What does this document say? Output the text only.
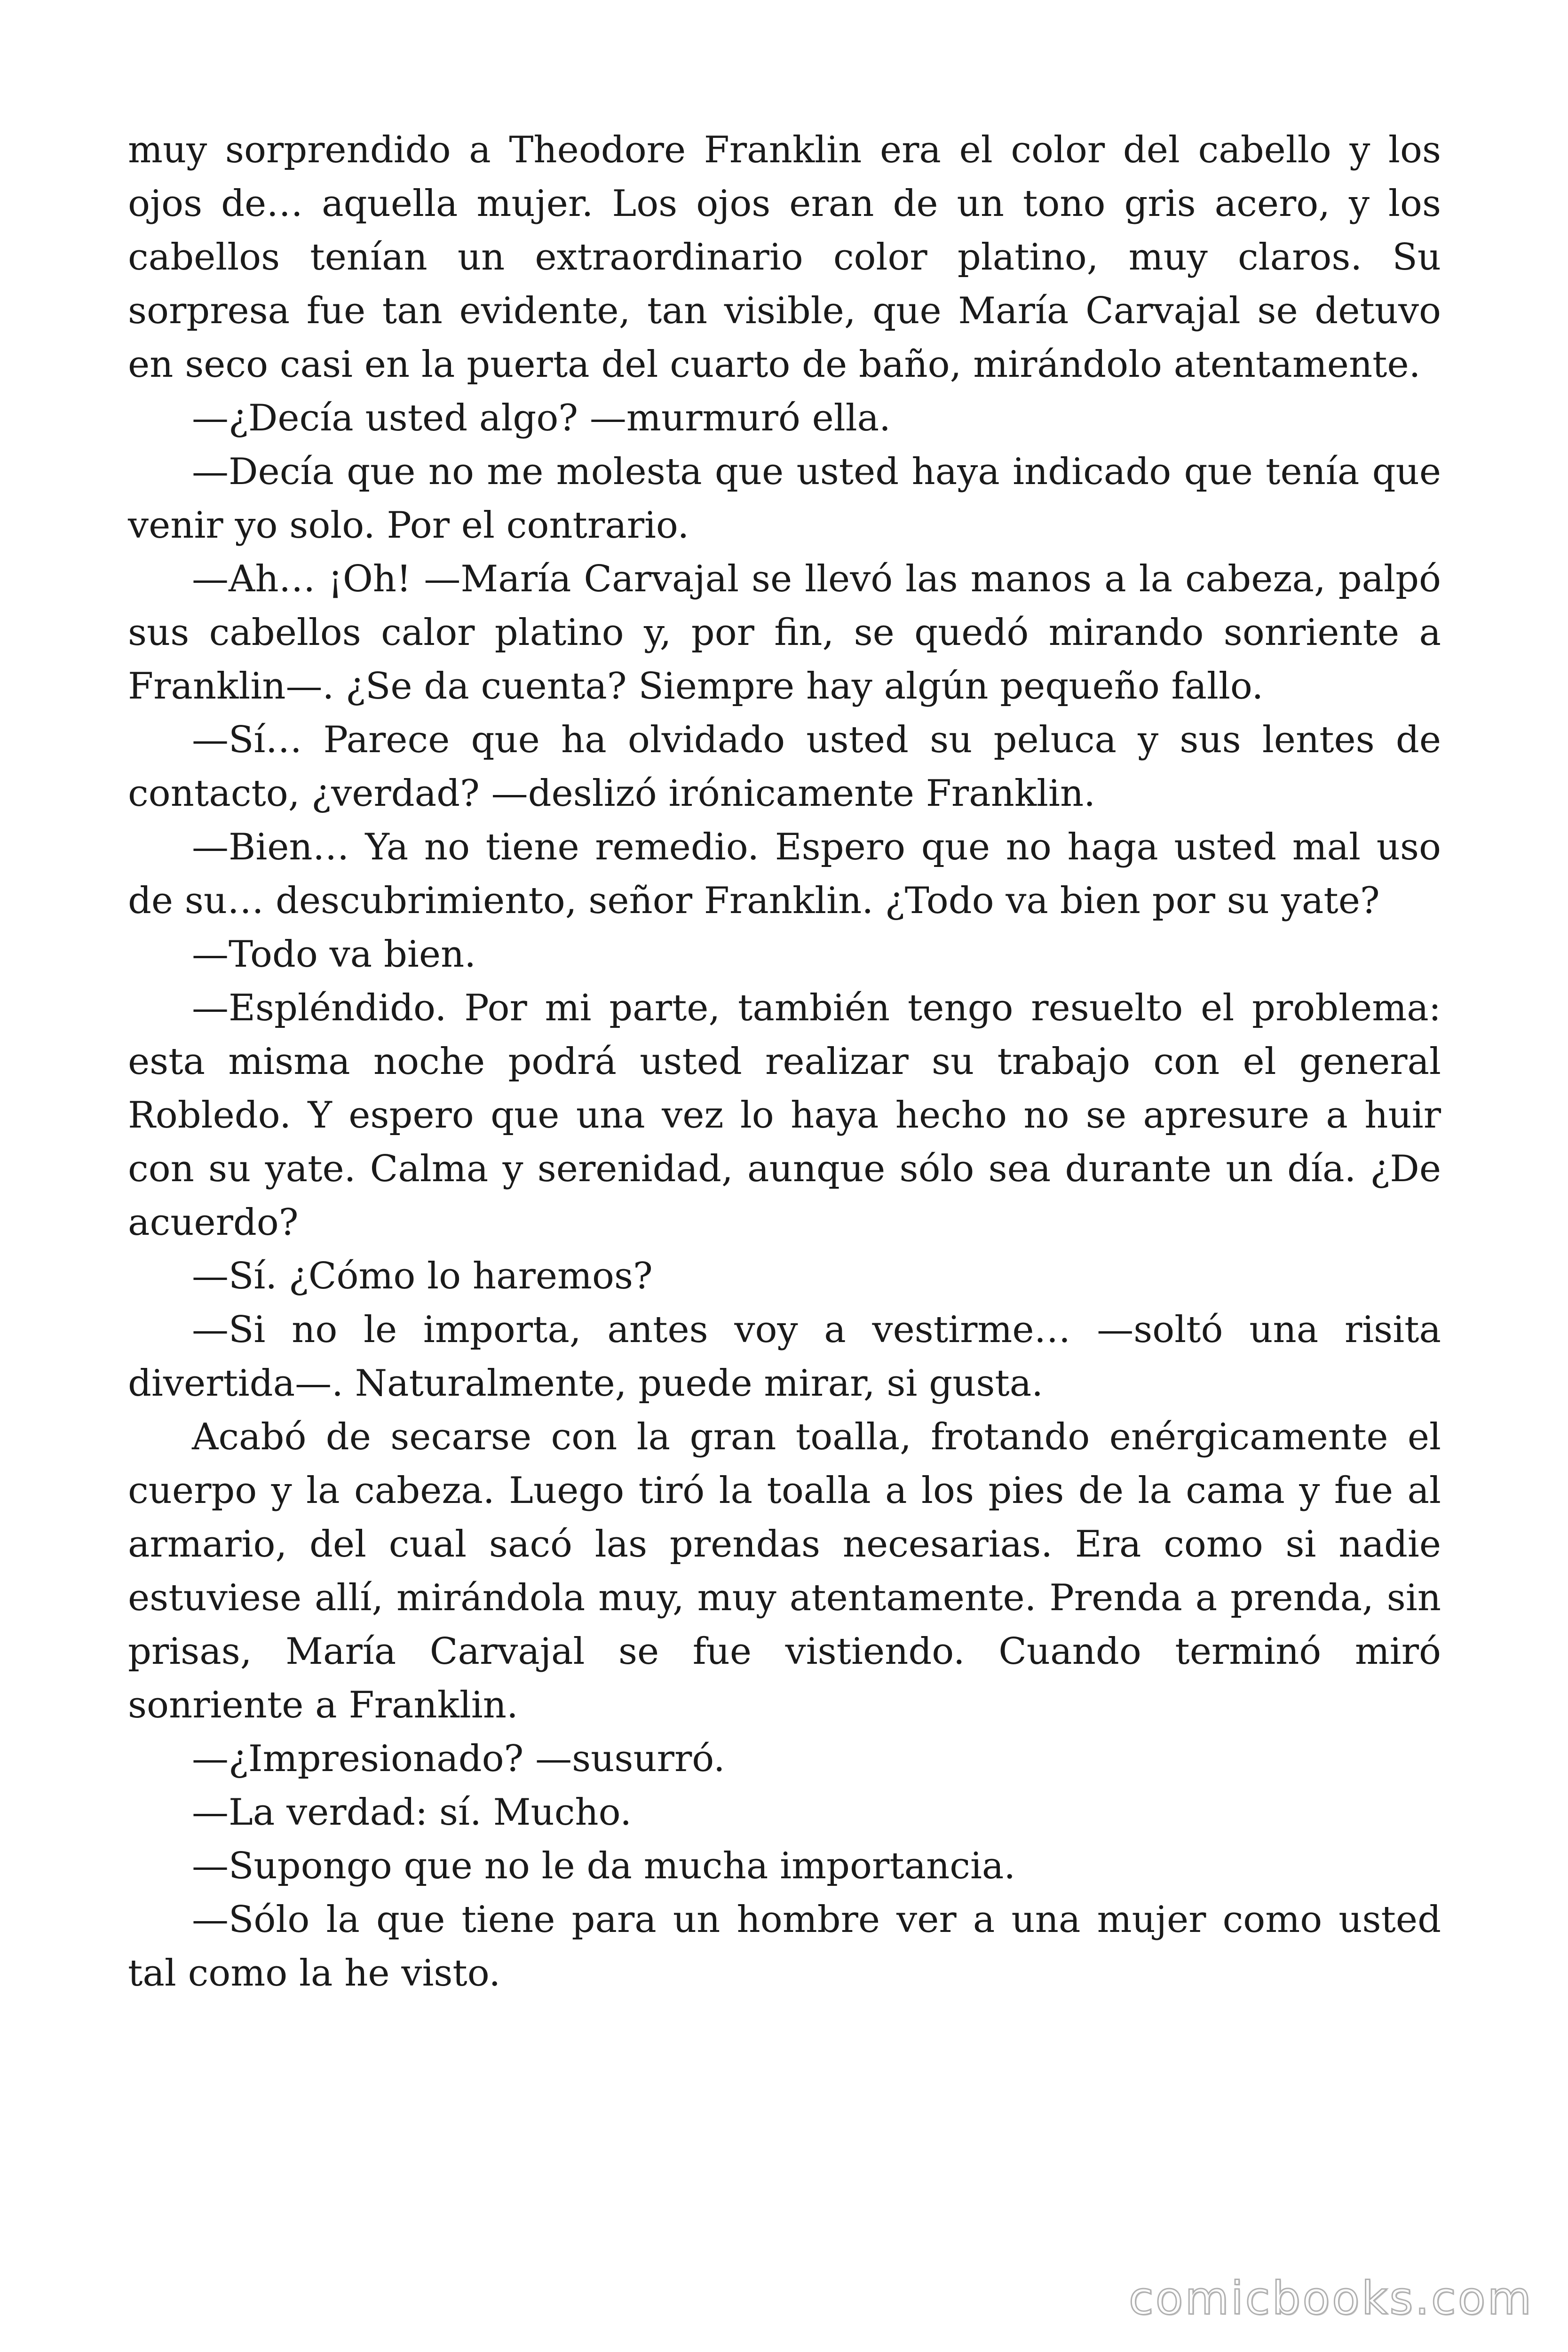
muy sorprendido a Theodore Franklin era el color del cabello y los ojos de… aquella mujer. Los ojos eran de un tono gris acero, y los cabellos tenían un extraordinario color platino, muy claros. Su sorpresa fue tan evidente, tan visible, que María Carvajal se detuvo en seco casi en la puerta del cuarto de baño, mirándolo atentamente.

—¿Decía usted algo? —murmuró ella.

—Decía que no me molesta que usted haya indicado que tenía que venir yo solo. Por el contrario.

—Ah… ¡Oh! —María Carvajal se llevó las manos a la cabeza, palpó sus cabellos calor platino y, por fin, se quedó mirando sonriente a Franklin—. ¿Se da cuenta? Siempre hay algún pequeño fallo.

—Sí… Parece que ha olvidado usted su peluca y sus lentes de contacto, ¿verdad? —deslizó irónicamente Franklin.

—Bien… Ya no tiene remedio. Espero que no haga usted mal uso de su… descubrimiento, señor Franklin. ¿Todo va bien por su yate?

—Todo va bien.

—Espléndido. Por mi parte, también tengo resuelto el problema: esta misma noche podrá usted realizar su trabajo con el general Robledo. Y espero que una vez lo haya hecho no se apresure a huir con su yate. Calma y serenidad, aunque sólo sea durante un día. ¿De acuerdo?

—Sí. ¿Cómo lo haremos?

—Si no le importa, antes voy a vestirme… —soltó una risita divertida—. Naturalmente, puede mirar, si gusta.

Acabó de secarse con la gran toalla, frotando enérgicamente el cuerpo y la cabeza. Luego tiró la toalla a los pies de la cama y fue al armario, del cual sacó las prendas necesarias. Era como si nadie estuviese allí, mirándola muy, muy atentamente. Prenda a prenda, sin prisas, María Carvajal se fue vistiendo. Cuando terminó miró sonriente a Franklin.

—¿Impresionado? —susurró.

—La verdad: sí. Mucho.

—Supongo que no le da mucha importancia.

—Sólo la que tiene para un hombre ver a una mujer como usted tal como la he visto.

comicbooks.com
